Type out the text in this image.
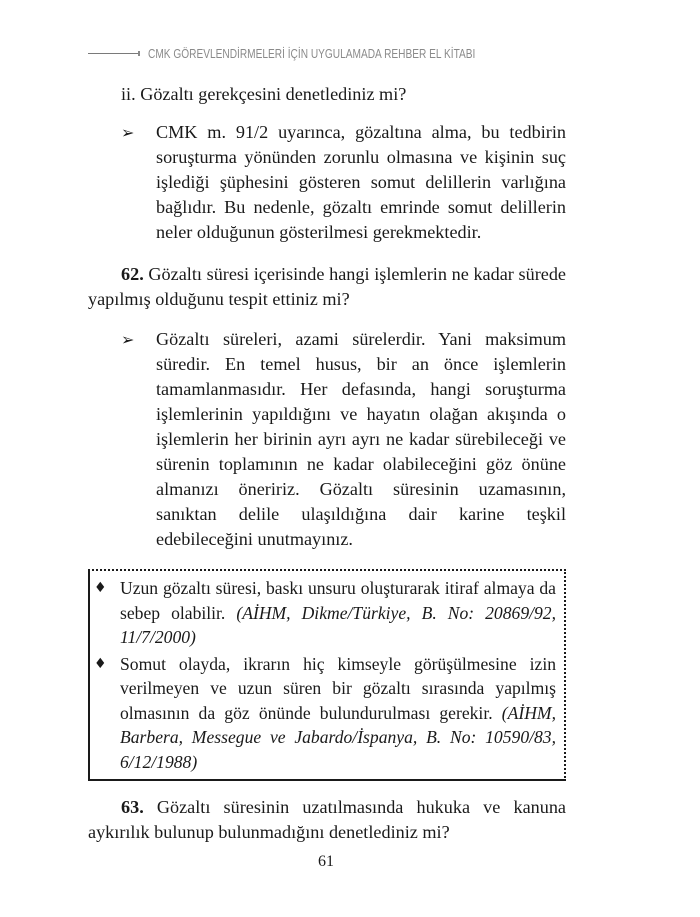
CMK GÖREVLENDİRMELERİ İÇİN UYGULAMADA REHBER EL KİTABI
ii. Gözaltı gerekçesini denetlediniz mi?
➢ CMK m. 91/2 uyarınca, gözaltına alma, bu tedbirin soruşturma yönünden zorunlu olmasına ve kişinin suç işlediği şüphesini gösteren somut delillerin varlığına bağlıdır. Bu nedenle, gözaltı emrinde somut delillerin neler olduğunun gösterilmesi gerekmektedir.
62. Gözaltı süresi içerisinde hangi işlemlerin ne kadar sürede yapılmış olduğunu tespit ettiniz mi?
➢ Gözaltı süreleri, azami sürelerdir. Yani maksimum süredir. En temel husus, bir an önce işlemlerin tamamlanmasıdır. Her defasında, hangi soruşturma işlemlerinin yapıldığını ve hayatın olağan akışında o işlemlerin her birinin ayrı ayrı ne kadar sürebileceği ve sürenin toplamının ne kadar olabileceğini göz önüne almanızı öneririz. Gözaltı süresinin uzamasının, sanıktan delile ulaşıldığına dair karine teşkil edebileceğini unutmayınız.
♦ Uzun gözaltı süresi, baskı unsuru oluşturarak itiraf almaya da sebep olabilir. (AİHM, Dikme/Türkiye, B. No: 20869/92, 11/7/2000)
♦ Somut olayda, ikrarın hiç kimseyle görüşülmesine izin verilmeyen ve uzun süren bir gözaltı sırasında yapılmış olmasının da göz önünde bulundurulması gerekir. (AİHM, Barbera, Messegue ve Jabardo/İspanya, B. No: 10590/83, 6/12/1988)
63. Gözaltı süresinin uzatılmasında hukuka ve kanuna aykırılık bulunup bulunmadığını denetlediniz mi?
61
